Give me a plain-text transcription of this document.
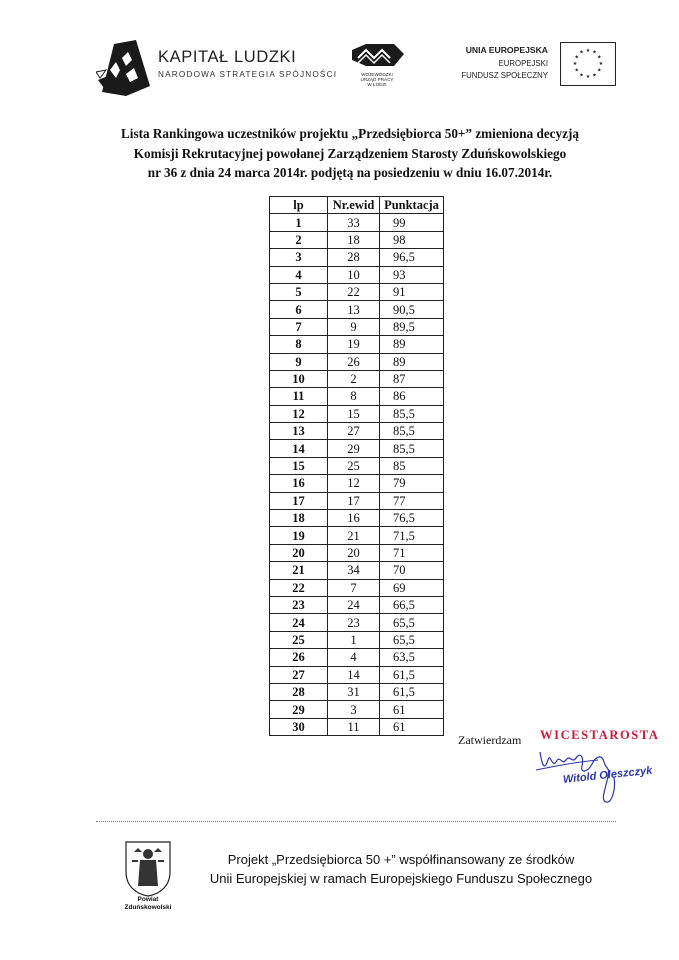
KAPITAŁ LUDZKI
NARODOWA STRATEGIA SPÓJNOŚCI	WOJEWÓDZKI
URZĄD PRACY
W ŁODZI
UNIA EUROPEJSKA
EUROPEJSKI
FUNDUSZ SPOŁECZNY
★ ★
★
★
★
★
★
★
★
★
★
★
Lista Rankingowa uczestników projektu „Przedsiębiorca 50+” zmieniona decyzją
Komisji Rekrutacyjnej powołanej Zarządzeniem Starosty Zduńskowolskiego
nr 36 z dnia 24 marca 2014r. podjętą na posiedzeniu w dniu 16.07.2014r.
lp	Nr.ewid	Punktacja
1	33	99
2	18	98
3	28	96,5
4	10	93
5	22	91
6	13	90,5
7	9	89,5
8	19	89
9	26	89
10	2	87
11	8	86
12	15	85,5
13	27	85,5
14	29	85,5
15	25	85
16	12	79
17	17	77
18	16	76,5
19	21	71,5
20	20	71
21	34	70
22	7	69
23	24	66,5
24	23	65,5
25	1	65,5
26	4	63,5
27	14	61,5
28	31	61,5
29	3	61
30	11	61
Zatwierdzam WICESTAROSTA
Witold Oleszczyk
Powiat
Zduńskowolski
Projekt „Przedsiębiorca 50 +” współfinansowany ze środków
Unii Europejskiej w ramach Europejskiego Funduszu Społecznego
